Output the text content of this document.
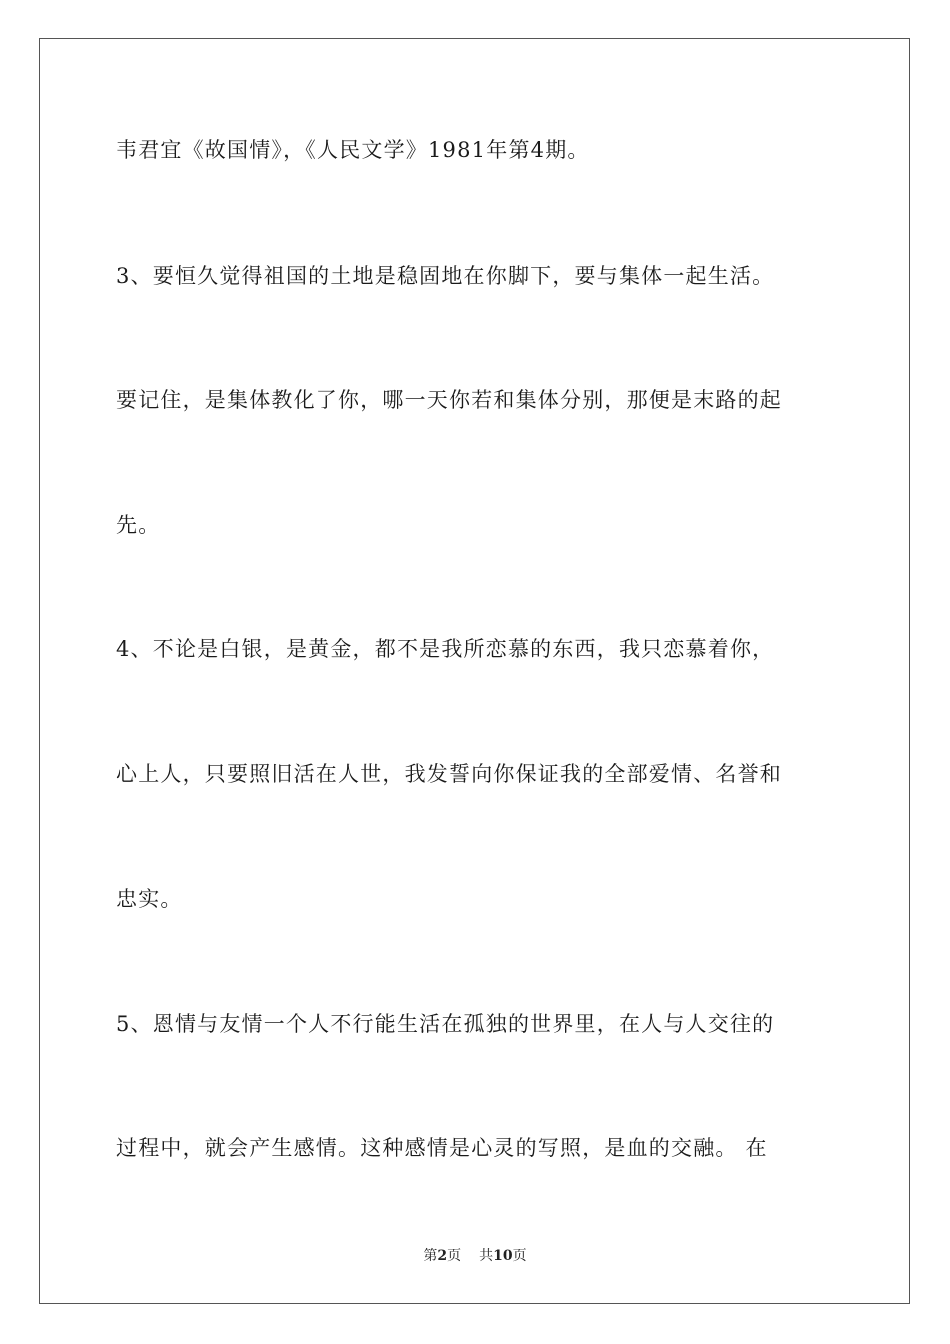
韦君宜《故国情》，《人民文学》1981年第4期。
3、要恒久觉得祖国的土地是稳固地在你脚下，要与集体一起生活。
要记住，是集体教化了你，哪一天你若和集体分别，那便是末路的起
先。
4、不论是白银，是黄金，都不是我所恋慕的东西，我只恋慕着你，
心上人，只要照旧活在人世，我发誓向你保证我的全部爱情、名誉和
忠实。
5、恩情与友情一个人不行能生活在孤独的世界里，在人与人交往的
过程中，就会产生感情。这种感情是心灵的写照，是血的交融。 在
第2页 共10页
